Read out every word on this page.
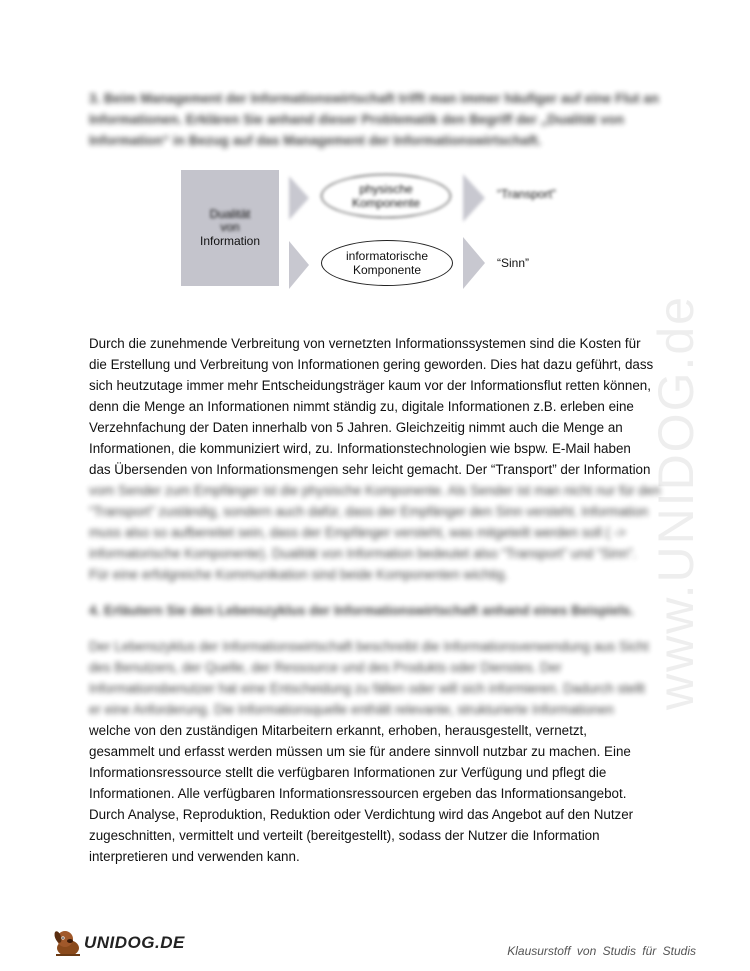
www.UNIDOG.de
3. Beim Management der Informationswirtschaft trifft man immer häufiger auf eine Flut an
Informationen. Erklären Sie anhand dieser Problematik den Begriff der „Dualität von
Information“ in Bezug auf das Management der Informationswirtschaft.
Dualität
von
Information
physische
Komponente
“Transport”
informatorische
Komponente	“Sinn”
Durch die zunehmende Verbreitung von vernetzten Informationssystemen sind die Kosten für
die Erstellung und Verbreitung von Informationen gering geworden. Dies hat dazu geführt, dass
sich heutzutage immer mehr Entscheidungsträger kaum vor der Informationsflut retten können,
denn die Menge an Informationen nimmt ständig zu, digitale Informationen z.B. erleben eine
Verzehnfachung der Daten innerhalb von 5 Jahren. Gleichzeitig nimmt auch die Menge an
Informationen, die kommuniziert wird, zu. Informationstechnologien wie bspw. E-Mail haben
das Übersenden von Informationsmengen sehr leicht gemacht. Der “Transport” der Information
vom Sender zum Empfänger ist die physische Komponente. Als Sender ist man nicht nur für den
“Transport” zuständig, sondern auch dafür, dass der Empfänger den Sinn versteht. Information
muss also so aufbereitet sein, dass der Empfänger versteht, was mitgeteilt werden soll ( ->
informatorische Komponente). Dualität von Information bedeutet also “Transport” und “Sinn”.
Für eine erfolgreiche Kommunikation sind beide Komponenten wichtig.
4. Erläutern Sie den Lebenszyklus der Informationswirtschaft anhand eines Beispiels.
Der Lebenszyklus der Informationswirtschaft beschreibt die Informationsverwendung aus Sicht
des Benutzers, der Quelle, der Ressource und des Produkts oder Dienstes. Der
Informationsbenutzer hat eine Entscheidung zu fällen oder will sich informieren. Dadurch stellt
er eine Anforderung. Die Informationsquelle enthält relevante, strukturierte Informationen
welche von den zuständigen Mitarbeitern erkannt, erhoben, herausgestellt, vernetzt,
gesammelt und erfasst werden müssen um sie für andere sinnvoll nutzbar zu machen. Eine
Informationsressource stellt die verfügbaren Informationen zur Verfügung und pflegt die
Informationen. Alle verfügbaren Informationsressourcen ergeben das Informationsangebot.
Durch Analyse, Reproduktion, Reduktion oder Verdichtung wird das Angebot auf den Nutzer
zugeschnitten, vermittelt und verteilt (bereitgestellt), sodass der Nutzer die Information
interpretieren und verwenden kann.
UNIDOG.DE	Klausurstoff von Studis für Studis
